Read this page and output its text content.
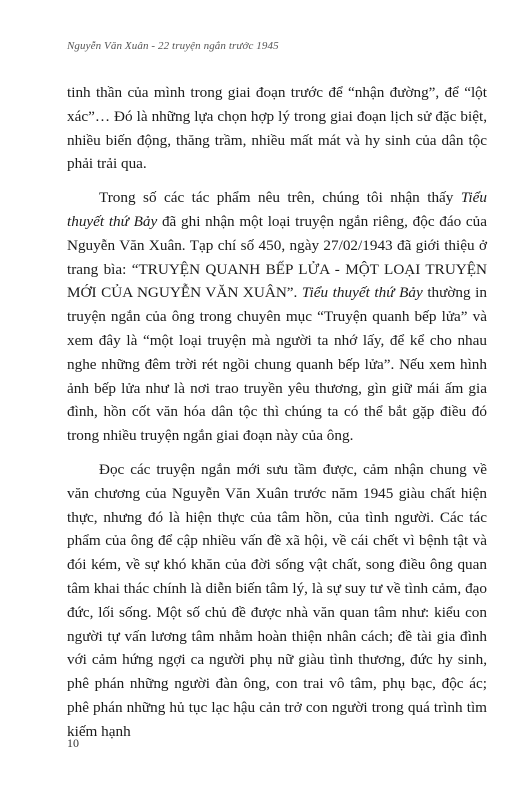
Nguyễn Văn Xuân - 22 truyện ngắn trước 1945

tinh thần của mình trong giai đoạn trước để “nhận đường”, để “lột xác”… Đó là những lựa chọn hợp lý trong giai đoạn lịch sử đặc biệt, nhiều biến động, thăng trầm, nhiều mất mát và hy sinh của dân tộc phải trải qua.

Trong số các tác phẩm nêu trên, chúng tôi nhận thấy Tiểu thuyết thứ Bảy đã ghi nhận một loại truyện ngắn riêng, độc đáo của Nguyễn Văn Xuân. Tạp chí số 450, ngày 27/02/1943 đã giới thiệu ở trang bìa: “TRUYỆN QUANH BẾP LỬA - MỘT LOẠI TRUYỆN MỚI CỦA NGUYỄN VĂN XUÂN”. Tiểu thuyết thứ Bảy thường in truyện ngắn của ông trong chuyên mục “Truyện quanh bếp lửa” và xem đây là “một loại truyện mà người ta nhớ lấy, để kể cho nhau nghe những đêm trời rét ngồi chung quanh bếp lửa”. Nếu xem hình ảnh bếp lửa như là nơi trao truyền yêu thương, gìn giữ mái ấm gia đình, hồn cốt văn hóa dân tộc thì chúng ta có thể bắt gặp điều đó trong nhiều truyện ngắn giai đoạn này của ông.

Đọc các truyện ngắn mới sưu tầm được, cảm nhận chung về văn chương của Nguyễn Văn Xuân trước năm 1945 giàu chất hiện thực, nhưng đó là hiện thực của tâm hồn, của tình người. Các tác phẩm của ông để cập nhiều vấn đề xã hội, về cái chết vì bệnh tật và đói kém, về sự khó khăn của đời sống vật chất, song điều ông quan tâm khai thác chính là diễn biến tâm lý, là sự suy tư về tình cảm, đạo đức, lối sống. Một số chủ đề được nhà văn quan tâm như: kiểu con người tự vấn lương tâm nhằm hoàn thiện nhân cách; đề tài gia đình với cảm hứng ngợi ca người phụ nữ giàu tình thương, đức hy sinh, phê phán những người đàn ông, con trai vô tâm, phụ bạc, độc ác; phê phán những hủ tục lạc hậu cản trở con người trong quá trình tìm kiếm hạnh

10
